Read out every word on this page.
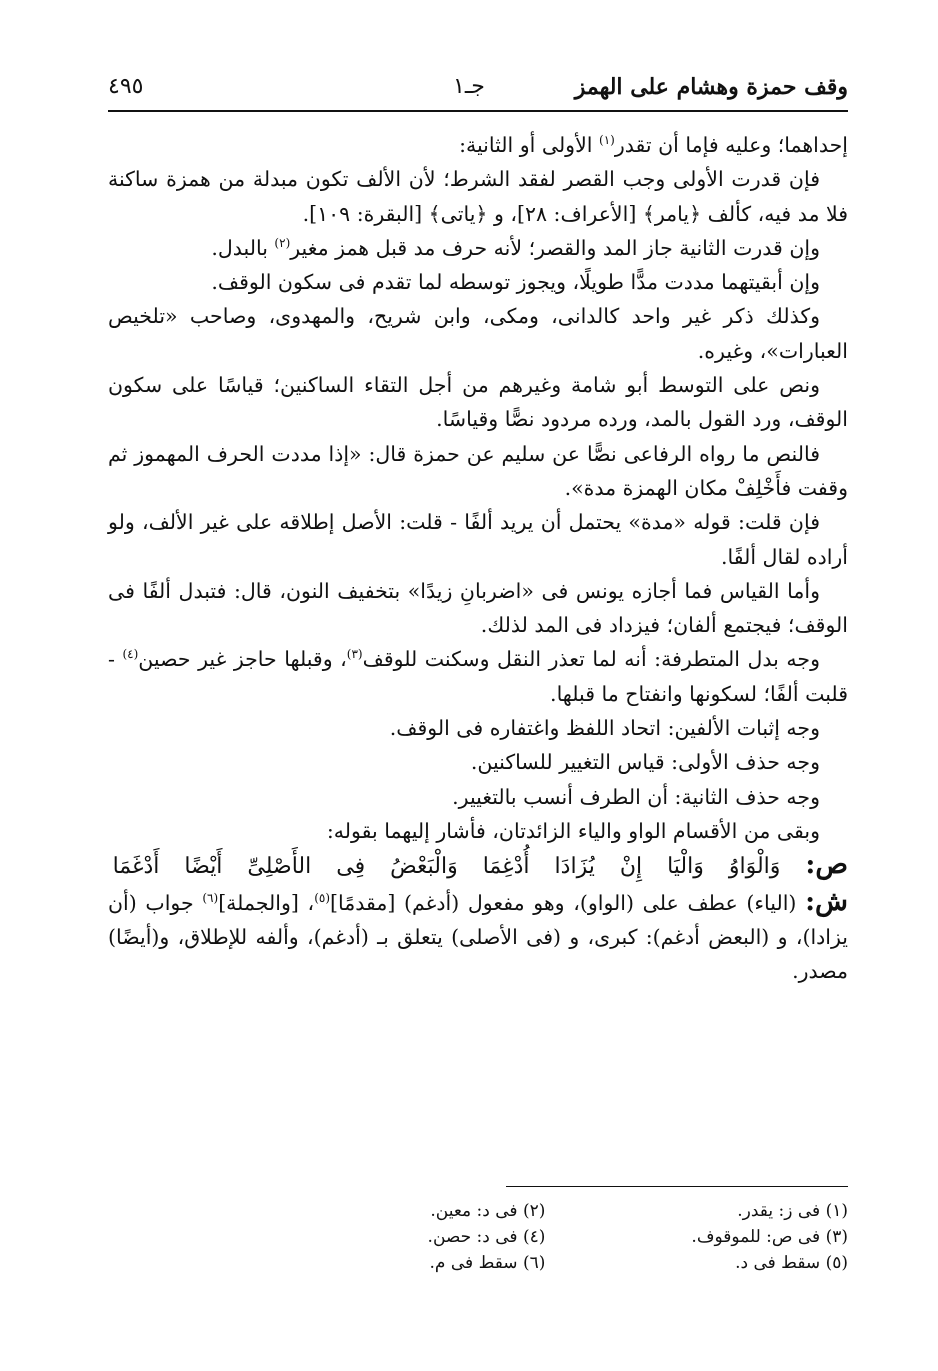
وقف حمزة وهشام على الهمز
جـ١
٤٩٥

إحداهما؛ وعليه فإما أن تقدر$^{(١)}$ الأولى أو الثانية:

فإن قدرت الأولى وجب القصر لفقد الشرط؛ لأن الألف تكون مبدلة من همزة ساكنة فلا مد فيه، كألف ﴿يامر﴾ [الأعراف: ٢٨]، و ﴿ياتى﴾ [البقرة: ١٠٩].

وإن قدرت الثانية جاز المد والقصر؛ لأنه حرف مد قبل همز مغير$^{(٢)}$ بالبدل.

وإن أبقيتهما مددت مدًّا طويلًا، ويجوز توسطه لما تقدم فى سكون الوقف.

وكذلك ذكر غير واحد كالدانى، ومكى، وابن شريح، والمهدوى، وصاحب «تلخيص العبارات»، وغيره.

ونص على التوسط أبو شامة وغيرهم من أجل التقاء الساكنين؛ قياسًا على سكون الوقف، ورد القول بالمد، ورده مردود نصًّا وقياسًا.

فالنص ما رواه الرفاعى نصًّا عن سليم عن حمزة قال: «إذا مددت الحرف المهموز ثم وقفت فأَخْلِفْ مكان الهمزة مدة».

فإن قلت: قوله «مدة» يحتمل أن يريد ألفًا - قلت: الأصل إطلاقه على غير الألف، ولو أراده لقال ألفًا.

وأما القياس فما أجازه يونس فى «اضربانِ زيدًا» بتخفيف النون، قال: فتبدل ألفًا فى الوقف؛ فيجتمع ألفان؛ فيزداد فى المد لذلك.

وجه بدل المتطرفة: أنه لما تعذر النقل وسكنت للوقف$^{(٣)}$، وقبلها حاجز غير حصين$^{(٤)}$ - قلبت ألفًا؛ لسكونها وانفتاح ما قبلها.

وجه إثبات الألفين: اتحاد اللفظ واغتفاره فى الوقف.

وجه حذف الأولى: قياس التغيير للساكنين.

وجه حذف الثانية: أن الطرف أنسب بالتغيير.

وبقى من الأقسام الواو والياء الزائدتان، فأشار إليهما بقوله:

ص: وَالْوَاوُ وَالْيَا إِنْ يُزَادَا أُدْغِمَا وَالْبَعْضُ فِى الأَصْلِىِّ أَيْضًا أَدْغَمَا

ش: (الياء) عطف على (الواو)، وهو مفعول (أدغم) [مقدمًا]$^{(٥)}$، [والجملة]$^{(٦)}$ جواب (أن يزادا)، و (البعض أدغم): كبرى، و (فى الأصلى) يتعلق بـ (أدغم)، وألفه للإطلاق، و(أيضًا) مصدر.

(١) فى ز: يقدر.
(٢) فى د: معين.
(٣) فى ص: للموقوف.
(٤) فى د: حصن.
(٥) سقط فى د.
(٦) سقط فى م.
